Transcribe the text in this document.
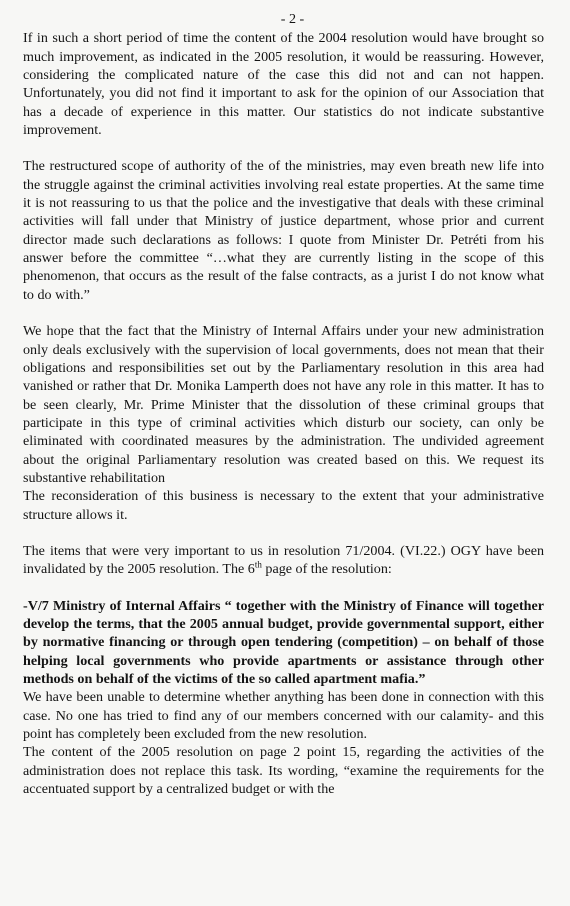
- 2 -

If in such a short period of time the content of the 2004 resolution would have brought so much improvement, as indicated in the 2005 resolution, it would be reassuring. However, considering the complicated nature of the case this did not and can not happen. Unfortunately, you did not find it important to ask for the opinion of our Association that has a decade of experience in this matter. Our statistics do not indicate substantive improvement.

The restructured scope of authority of the of the ministries, may even breath new life into the struggle against the criminal activities involving real estate properties. At the same time it is not reassuring to us that the police and the investigative that deals with these criminal activities will fall under that Ministry of justice department, whose prior and current director made such declarations as follows: I quote from Minister Dr. Petréti from his answer before the committee “…what they are currently listing in the scope of this phenomenon, that occurs as the result of the false contracts, as a jurist I do not know what to do with.”

We hope that the fact that the Ministry of Internal Affairs under your new administration only deals exclusively with the supervision of local governments, does not mean that their obligations and responsibilities set out by the Parliamentary resolution in this area had vanished or rather that Dr. Monika Lamperth does not have any role in this matter. It has to be seen clearly, Mr. Prime Minister that the dissolution of these criminal groups that participate in this type of criminal activities which disturb our society, can only be eliminated with coordinated measures by the administration. The undivided agreement about the original Parliamentary resolution was created based on this. We request its substantive rehabilitation

The reconsideration of this business is necessary to the extent that your administrative structure allows it.

The items that were very important to us in resolution 71/2004. (VI.22.) OGY have been invalidated by the 2005 resolution. The 6th page of the resolution:

-V/7 Ministry of Internal Affairs “ together with the Ministry of Finance will together develop the terms, that the 2005 annual budget, provide governmental support, either by normative financing or through open tendering (competition) – on behalf of those helping local governments who provide apartments or assistance through other methods on behalf of the victims of the so called apartment mafia.”

We have been unable to determine whether anything has been done in connection with this case. No one has tried to find any of our members concerned with our calamity- and this point has completely been excluded from the new resolution.

The content of the 2005 resolution on page 2 point 15, regarding the activities of the administration does not replace this task. Its wording, “examine the requirements for the accentuated support by a centralized budget or with the
